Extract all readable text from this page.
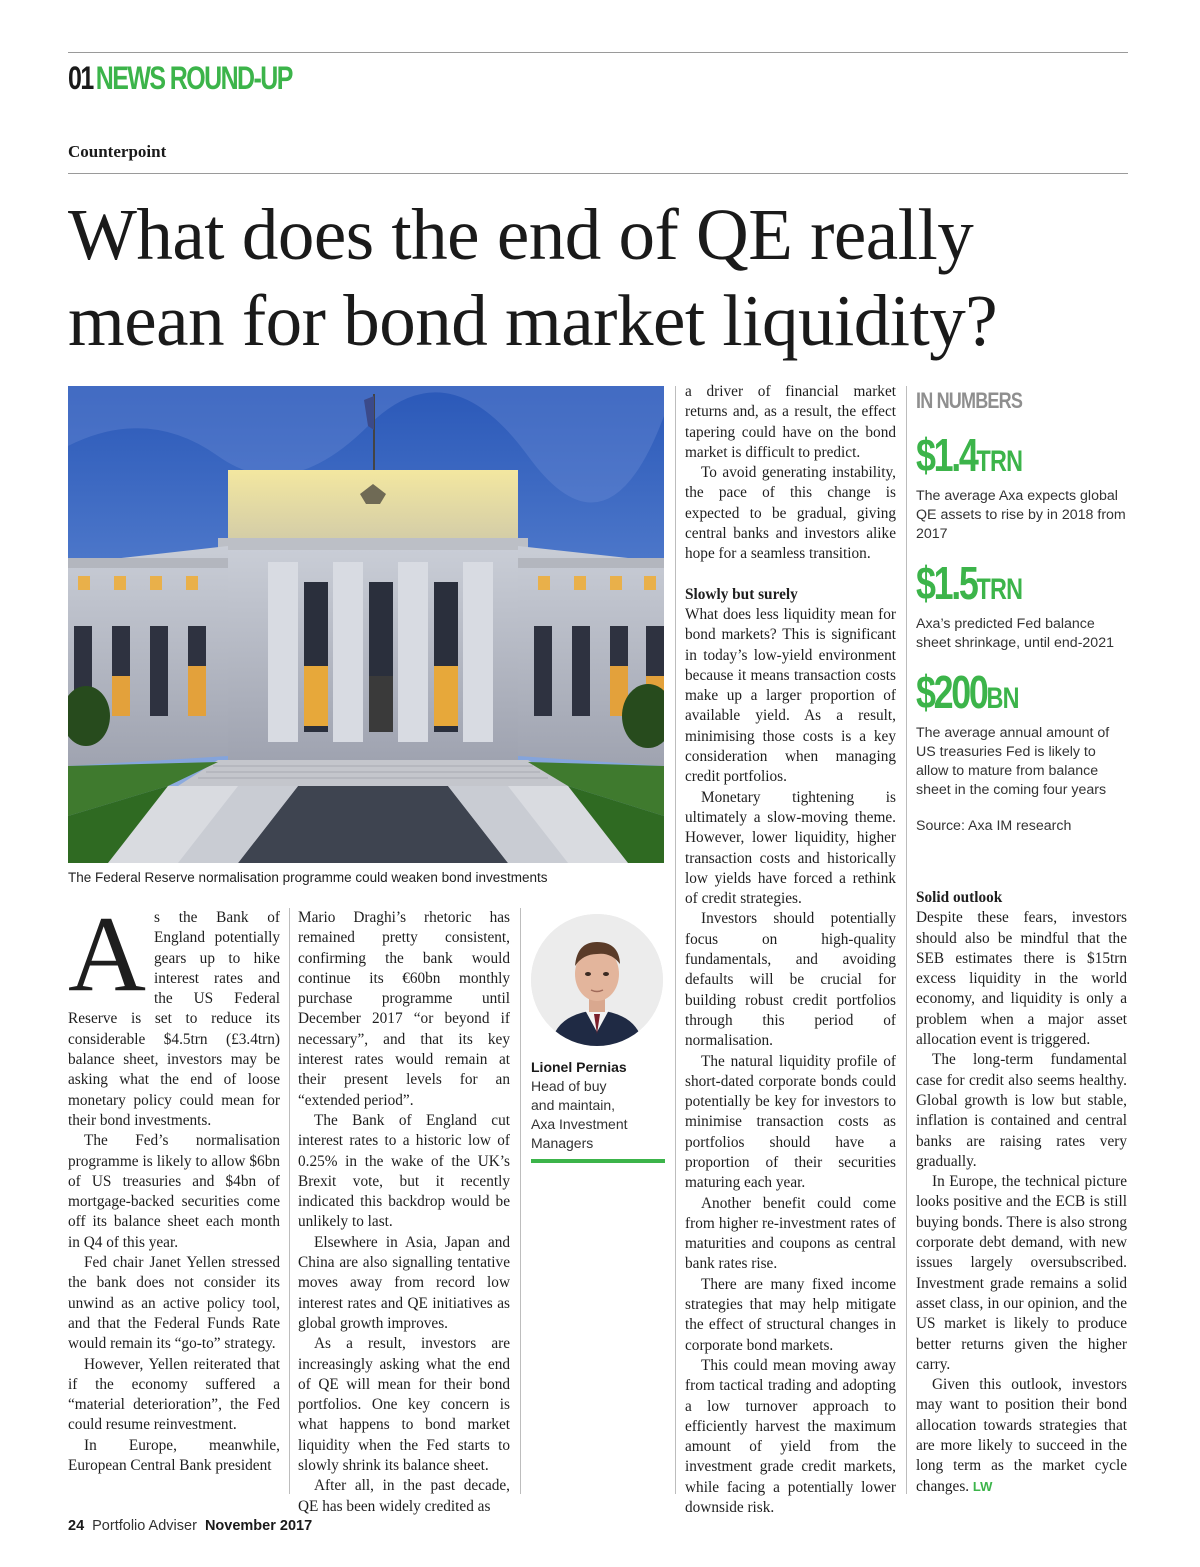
01NEWS ROUND-UP
Counterpoint
What does the end of QE really
mean for bond market liquidity?
The Federal Reserve normalisation programme could weaken bond investments

As the Bank of England potentially gears up to hike interest rates and the US Federal Reserve is set to reduce its considerable $4.5trn (£3.4trn) balance sheet, investors may be asking what the end of loose monetary policy could mean for their bond investments.

The Fed’s normalisation programme is likely to allow $6bn of US treasuries and $4bn of mortgage-backed securities come off its balance sheet each month in Q4 of this year.

Fed chair Janet Yellen stressed the bank does not consider its unwind as an active policy tool, and that the Federal Funds Rate would remain its “go-to” strategy.

However, Yellen reiterated that if the economy suffered a “material deterioration”, the Fed could resume reinvestment.

In Europe, meanwhile, European Central Bank president

Mario Draghi’s rhetoric has remained pretty consistent, confirming the bank would continue its €60bn monthly purchase programme until December 2017 “or beyond if necessary”, and that its key interest rates would remain at their present levels for an “extended period”.

The Bank of England cut interest rates to a historic low of 0.25% in the wake of the UK’s Brexit vote, but it recently indicated this backdrop would be unlikely to last.

Elsewhere in Asia, Japan and China are also signalling tentative moves away from record low interest rates and QE initiatives as global growth improves.

As a result, investors are increasingly asking what the end of QE will mean for their bond portfolios. One key concern is what happens to bond market liquidity when the Fed starts to slowly shrink its balance sheet.

After all, in the past decade, QE has been widely credited as

Lionel Pernias
Head of buy
and maintain,
Axa Investment
Managers

a driver of financial market returns and, as a result, the effect tapering could have on the bond market is difficult to predict.

To avoid generating instability, the pace of this change is expected to be gradual, giving central banks and investors alike hope for a seamless transition.

Slowly but surely

What does less liquidity mean for bond markets? This is significant in today’s low-yield environment because it means transaction costs make up a larger proportion of available yield. As a result, minimising those costs is a key consideration when managing credit portfolios.

Monetary tightening is ultimately a slow-moving theme. However, lower liquidity, higher transaction costs and historically low yields have forced a rethink of credit strategies.

Investors should potentially focus on high-quality fundamentals, and avoiding defaults will be crucial for building robust credit portfolios through this period of normalisation.

The natural liquidity profile of short-dated corporate bonds could potentially be key for investors to minimise transaction costs as portfolios should have a proportion of their securities maturing each year.

Another benefit could come from higher re-investment rates of maturities and coupons as central bank rates rise.

There are many fixed income strategies that may help mitigate the effect of structural changes in corporate bond markets.

This could mean moving away from tactical trading and adopting a low turnover approach to efficiently harvest the maximum amount of yield from the investment grade credit markets, while facing a potentially lower downside risk.

IN NUMBERS
$1.4TRN
The average Axa expects global QE assets to rise by in 2018 from 2017
$1.5TRN
Axa’s predicted Fed balance sheet shrinkage, until end-2021
$200BN
The average annual amount of US treasuries Fed is likely to allow to mature from balance sheet in the coming four years
Source: Axa IM research
Solid outlook

Despite these fears, investors should also be mindful that the SEB estimates there is $15trn excess liquidity in the world economy, and liquidity is only a problem when a major asset allocation event is triggered.

The long-term fundamental case for credit also seems healthy. Global growth is low but stable, inflation is contained and central banks are raising rates very gradually.

In Europe, the technical picture looks positive and the ECB is still buying bonds. There is also strong corporate debt demand, with new issues largely oversubscribed. Investment grade remains a solid asset class, in our opinion, and the US market is likely to produce better returns given the higher carry.

Given this outlook, investors may want to position their bond allocation towards strategies that are more likely to succeed in the long term as the market cycle changes. LW

24 Portfolio Adviser November 2017
